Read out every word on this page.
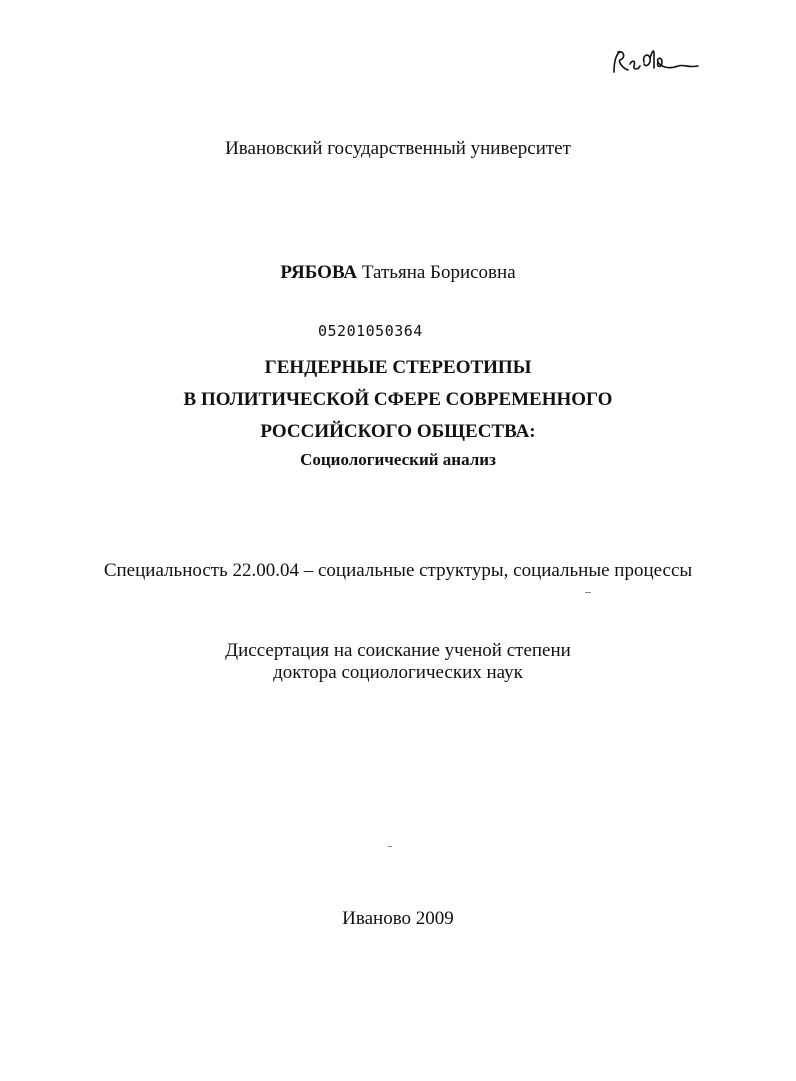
Ивановский государственный университет
РЯБОВА Татьяна Борисовна
05201050364
ГЕНДЕРНЫЕ СТЕРЕОТИПЫ
В ПОЛИТИЧЕСКОЙ СФЕРЕ СОВРЕМЕННОГО
РОССИЙСКОГО ОБЩЕСТВА:
Социологический анализ
Специальность 22.00.04 – социальные структуры, социальные процессы
Диссертация на соискание ученой степени
доктора социологических наук
Иваново 2009
